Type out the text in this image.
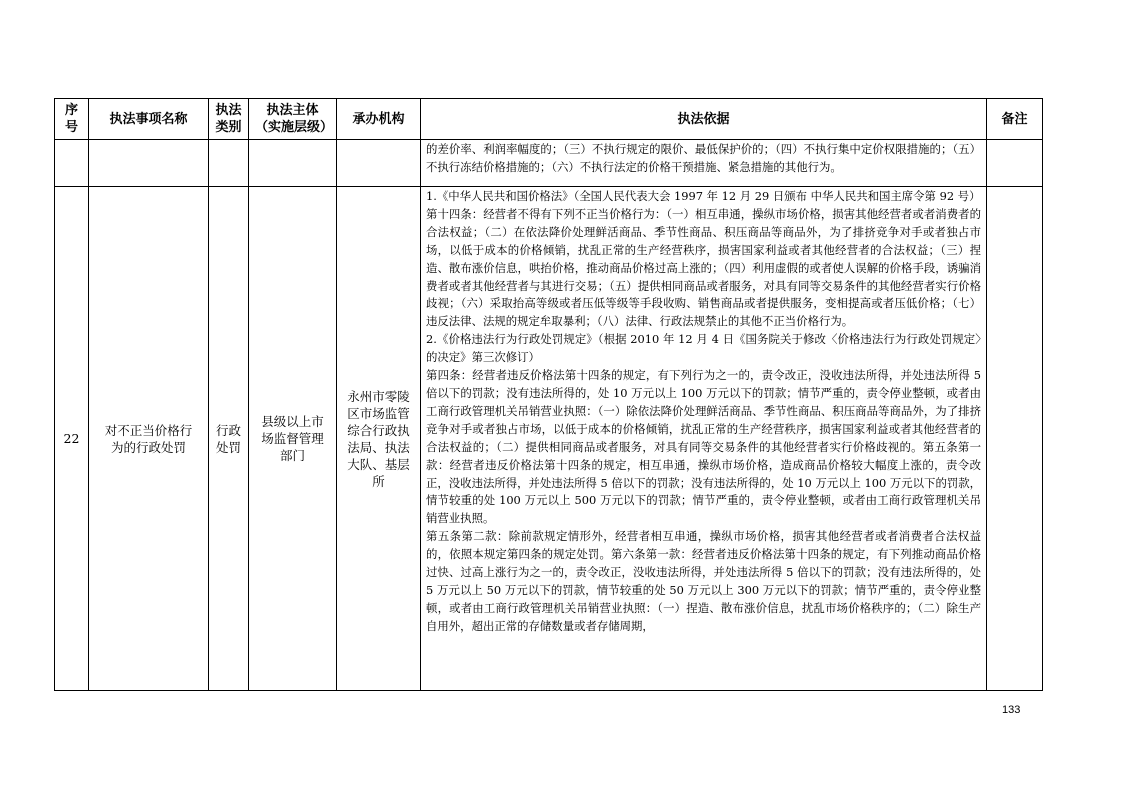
序号	执法事项名称	执法类别	执法主体（实施层级）	承办机构	执法依据	备注

					的差价率、利润率幅度的；（三）不执行规定的限价、最低保护价的；（四）不执行集中定价权限措施的；（五）不执行冻结价格措施的；（六）不执行法定的价格干预措施、紧急措施的其他行为。	

22	对不正当价格行为的行政处罚	行政处罚	县级以上市场监督管理部门	永州市零陵区市场监管综合行政执法局、执法大队、基层所	1.《中华人民共和国价格法》（全国人民代表大会 1997 年 12 月 29 日颁布 中华人民共和国主席令第 92 号）

第十四条：经营者不得有下列不正当价格行为：（一）相互串通，操纵市场价格，损害其他经营者或者消费者的合法权益；（二）在依法降价处理鲜活商品、季节性商品、积压商品等商品外，为了排挤竞争对手或者独占市场，以低于成本的价格倾销，扰乱正常的生产经营秩序，损害国家利益或者其他经营者的合法权益；（三）捏造、散布涨价信息，哄抬价格，推动商品价格过高上涨的；（四）利用虚假的或者使人误解的价格手段，诱骗消费者或者其他经营者与其进行交易；（五）提供相同商品或者服务，对具有同等交易条件的其他经营者实行价格歧视；（六）采取抬高等级或者压低等级等手段收购、销售商品或者提供服务，变相提高或者压低价格；（七）违反法律、法规的规定牟取暴利；（八）法律、行政法规禁止的其他不正当价格行为。

2.《价格违法行为行政处罚规定》（根据 2010 年 12 月 4 日《国务院关于修改〈价格违法行为行政处罚规定〉的决定》第三次修订）

第四条：经营者违反价格法第十四条的规定，有下列行为之一的，责令改正，没收违法所得，并处违法所得 5 倍以下的罚款；没有违法所得的，处 10 万元以上 100 万元以下的罚款；情节严重的，责令停业整顿，或者由工商行政管理机关吊销营业执照：（一）除依法降价处理鲜活商品、季节性商品、积压商品等商品外，为了排挤竞争对手或者独占市场，以低于成本的价格倾销，扰乱正常的生产经营秩序，损害国家利益或者其他经营者的合法权益的；（二）提供相同商品或者服务，对具有同等交易条件的其他经营者实行价格歧视的。第五条第一款：经营者违反价格法第十四条的规定，相互串通，操纵市场价格，造成商品价格较大幅度上涨的，责令改正，没收违法所得，并处违法所得 5 倍以下的罚款；没有违法所得的，处 10 万元以上 100 万元以下的罚款，情节较重的处 100 万元以上 500 万元以下的罚款；情节严重的，责令停业整顿，或者由工商行政管理机关吊销营业执照。

第五条第二款：除前款规定情形外，经营者相互串通，操纵市场价格，损害其他经营者或者消费者合法权益的，依照本规定第四条的规定处罚。第六条第一款：经营者违反价格法第十四条的规定，有下列推动商品价格过快、过高上涨行为之一的，责令改正，没收违法所得，并处违法所得 5 倍以下的罚款；没有违法所得的，处 5 万元以上 50 万元以下的罚款，情节较重的处 50 万元以上 300 万元以下的罚款；情节严重的，责令停业整顿，或者由工商行政管理机关吊销营业执照：（一）捏造、散布涨价信息，扰乱市场价格秩序的；（二）除生产自用外，超出正常的存储数量或者存储周期，	

133
